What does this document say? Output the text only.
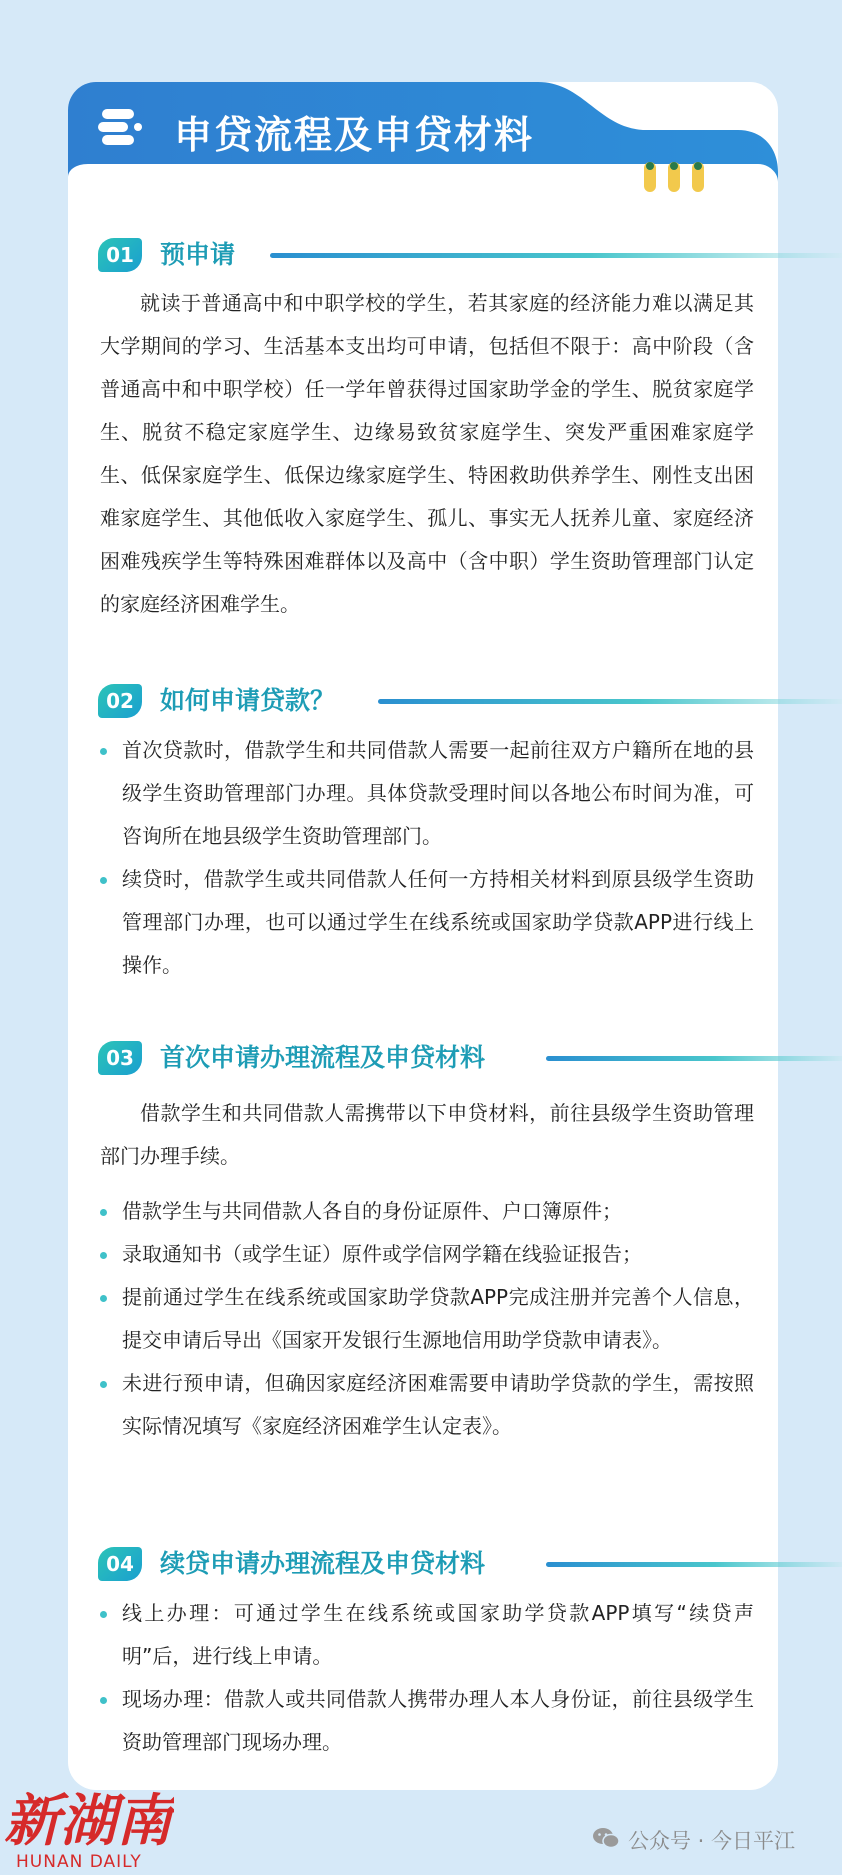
申贷流程及申贷材料
01	预申请

就读于普通高中和中职学校的学生，若其家庭的经济能力难以满足其大学期间的学习、生活基本支出均可申请，包括但不限于：高中阶段（含普通高中和中职学校）任一学年曾获得过国家助学金的学生、脱贫家庭学生、脱贫不稳定家庭学生、边缘易致贫家庭学生、突发严重困难家庭学生、低保家庭学生、低保边缘家庭学生、特困救助供养学生、刚性支出困难家庭学生、其他低收入家庭学生、孤儿、事实无人抚养儿童、家庭经济困难残疾学生等特殊困难群体以及高中（含中职）学生资助管理部门认定的家庭经济困难学生。

02	如何申请贷款？
首次贷款时，借款学生和共同借款人需要一起前往双方户籍所在地的县级学生资助管理部门办理。具体贷款受理时间以各地公布时间为准，可咨询所在地县级学生资助管理部门。
续贷时，借款学生或共同借款人任何一方持相关材料到原县级学生资助管理部门办理，也可以通过学生在线系统或国家助学贷款APP进行线上操作。
03	首次申请办理流程及申贷材料

借款学生和共同借款人需携带以下申贷材料，前往县级学生资助管理部门办理手续。

借款学生与共同借款人各自的身份证原件、户口簿原件；
录取通知书（或学生证）原件或学信网学籍在线验证报告；
提前通过学生在线系统或国家助学贷款APP完成注册并完善个人信息，提交申请后导出《国家开发银行生源地信用助学贷款申请表》。
未进行预申请，但确因家庭经济困难需要申请助学贷款的学生，需按照实际情况填写《家庭经济困难学生认定表》。
04	续贷申请办理流程及申贷材料
线上办理：可通过学生在线系统或国家助学贷款APP填写“续贷声明”后，进行线上申请。
现场办理：借款人或共同借款人携带办理人本人身份证，前往县级学生资助管理部门现场办理。
新湖南
HUNAN DAILY
公众号 · 今日平江
